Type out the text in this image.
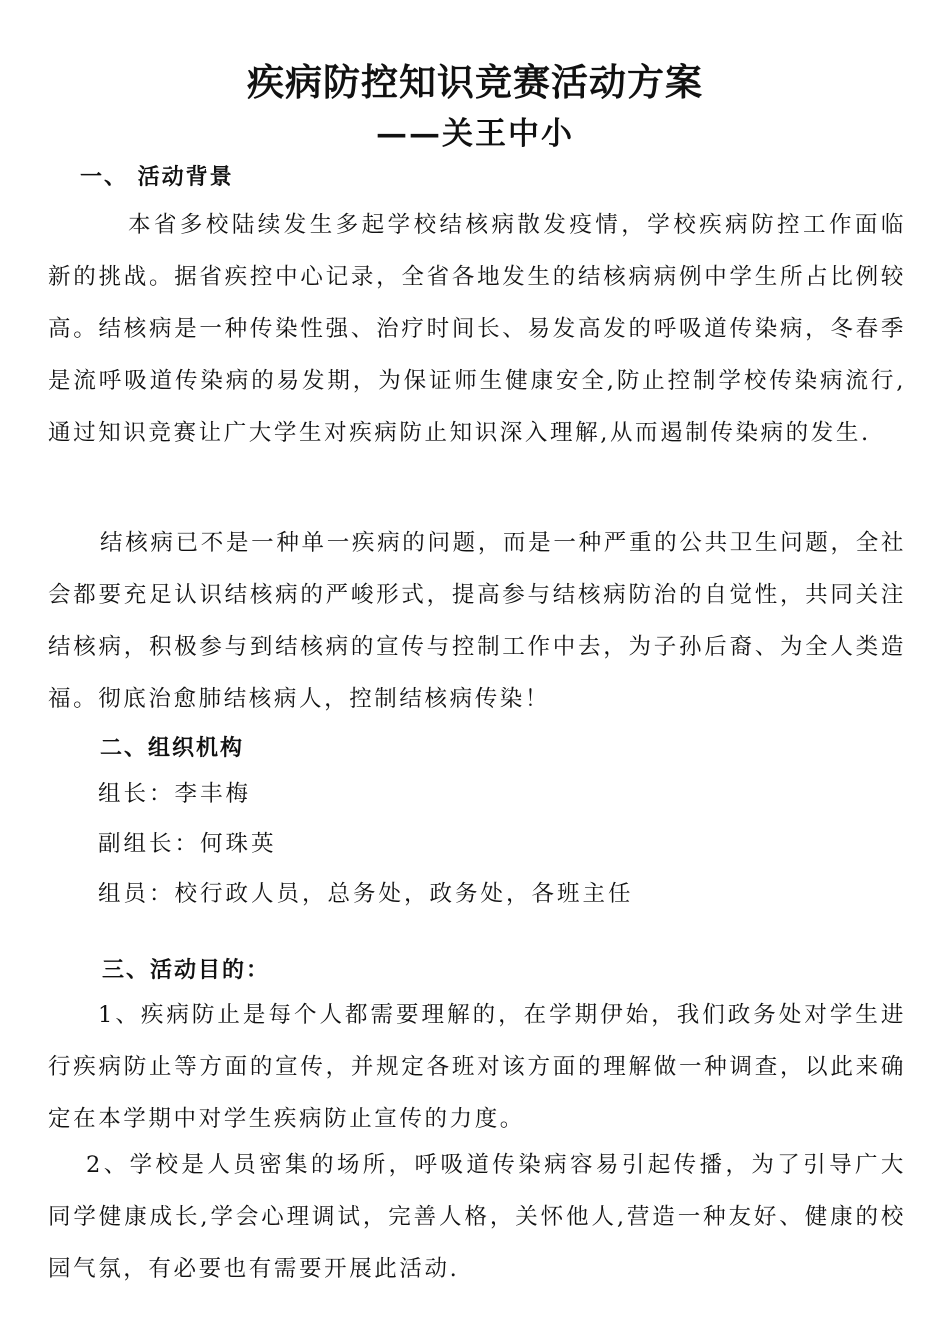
疾病防控知识竞赛活动方案
——关王中小
一、 活动背景

本省多校陆续发生多起学校结核病散发疫情，学校疾病防控工作面临新的挑战。据省疾控中心记录，全省各地发生的结核病病例中学生所占比例较高。结核病是一种传染性强、治疗时间长、易发高发的呼吸道传染病，冬春季是流呼吸道传染病的易发期，为保证师生健康安全,防止控制学校传染病流行,通过知识竞赛让广大学生对疾病防止知识深入理解,从而遏制传染病的发生.

结核病已不是一种单一疾病的问题，而是一种严重的公共卫生问题，全社会都要充足认识结核病的严峻形式，提高参与结核病防治的自觉性，共同关注结核病，积极参与到结核病的宣传与控制工作中去，为子孙后裔、为全人类造福。彻底治愈肺结核病人，控制结核病传染！

二、组织机构

组长：李丰梅

副组长：何珠英

组员：校行政人员，总务处，政务处，各班主任

三、活动目的：

1、疾病防止是每个人都需要理解的，在学期伊始，我们政务处对学生进行疾病防止等方面的宣传，并规定各班对该方面的理解做一种调查，以此来确定在本学期中对学生疾病防止宣传的力度。

2、学校是人员密集的场所，呼吸道传染病容易引起传播，为了引导广大同学健康成长,学会心理调试，完善人格，关怀他人,营造一种友好、健康的校园气氛，有必要也有需要开展此活动.
